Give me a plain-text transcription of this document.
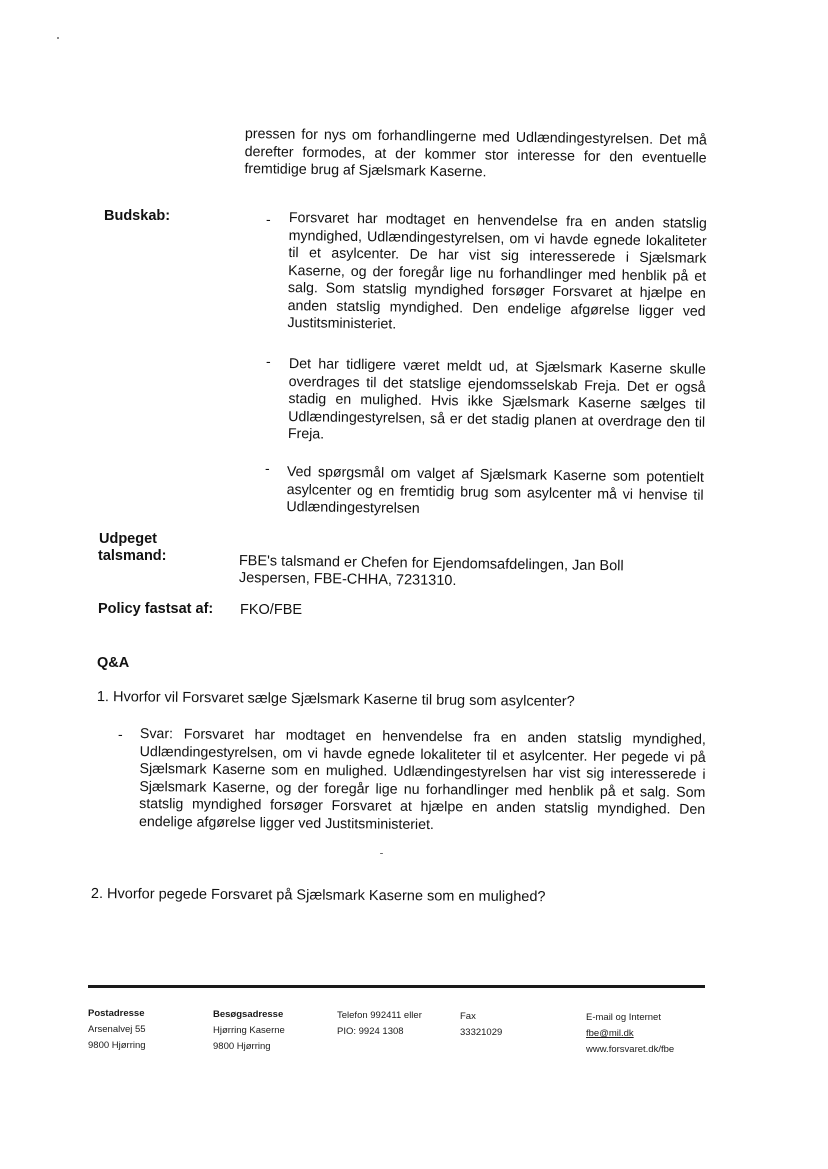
pressen for nys om forhandlingerne med Udlændingestyrelsen. Det må derefter formodes, at der kommer stor interesse for den eventuelle fremtidige brug af Sjælsmark Kaserne.
Budskab:	- Forsvaret har modtaget en henvendelse fra en anden statslig myndighed, Udlændingestyrelsen, om vi havde egnede lokaliteter til et asylcenter. De har vist sig interesserede i Sjælsmark Kaserne, og der foregår lige nu forhandlinger med henblik på et salg. Som statslig myndighed forsøger Forsvaret at hjælpe en anden statslig myndighed. Den endelige afgørelse ligger ved Justitsministeriet.
- Det har tidligere været meldt ud, at Sjælsmark Kaserne skulle overdrages til det statslige ejendomsselskab Freja. Det er også stadig en mulighed. Hvis ikke Sjælsmark Kaserne sælges til Udlændingestyrelsen, så er det stadig planen at overdrage den til Freja.
- Ved spørgsmål om valget af Sjælsmark Kaserne som potentielt asylcenter og en fremtidig brug som asylcenter må vi henvise til Udlændingestyrelsen
Udpeget
talsmand:	FBE's talsmand er Chefen for Ejendomsafdelingen, Jan Boll
Jespersen, FBE-CHHA, 7231310.
Policy fastsat af: FKO/FBE
Q&A
1. Hvorfor vil Forsvaret sælge Sjælsmark Kaserne til brug som asylcenter?
- Svar: Forsvaret har modtaget en henvendelse fra en anden statslig myndighed, Udlændingestyrelsen, om vi havde egnede lokaliteter til et asylcenter. Her pegede vi på Sjælsmark Kaserne som en mulighed. Udlændingestyrelsen har vist sig interesserede i Sjælsmark Kaserne, og der foregår lige nu forhandlinger med henblik på et salg. Som statslig myndighed forsøger Forsvaret at hjælpe en anden statslig myndighed. Den endelige afgørelse ligger ved Justitsministeriet.
2. Hvorfor pegede Forsvaret på Sjælsmark Kaserne som en mulighed?
Postadresse
Arsenalvej 55
9800 Hjørring
Besøgsadresse
Hjørring Kaserne
9800 Hjørring
Telefon 992411 eller
PIO: 9924 1308
Fax
33321029
E-mail og Internet
fbe@mil.dk
www.forsvaret.dk/fbe
